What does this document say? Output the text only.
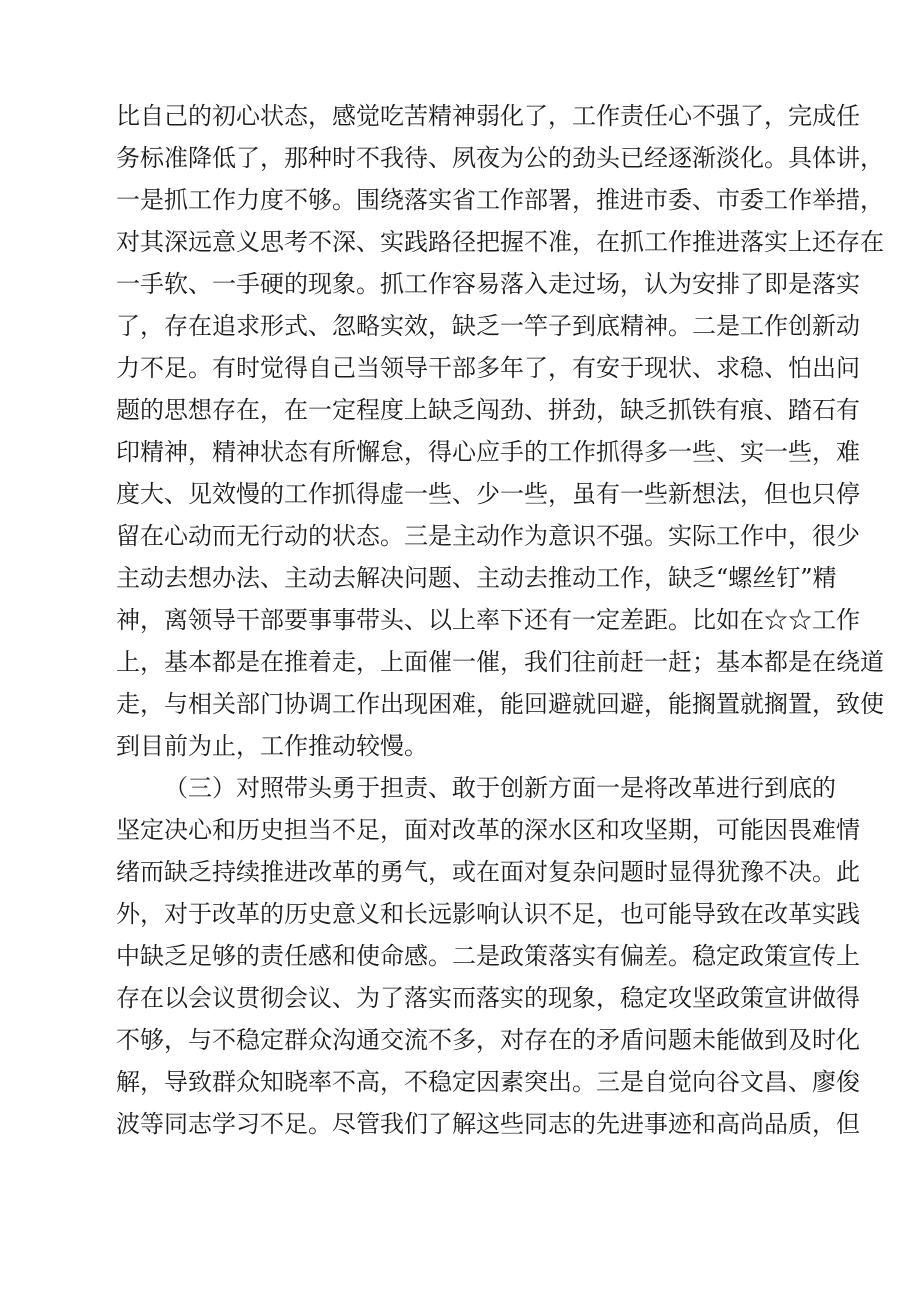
比自己的初心状态，感觉吃苦精神弱化了，工作责任心不强了，完成任
务标准降低了，那种时不我待、夙夜为公的劲头已经逐渐淡化。具体讲，
一是抓工作力度不够。围绕落实省工作部署，推进市委、市委工作举措，
对其深远意义思考不深、实践路径把握不准，在抓工作推进落实上还存在
一手软、一手硬的现象。抓工作容易落入走过场，认为安排了即是落实
了，存在追求形式、忽略实效，缺乏一竿子到底精神。二是工作创新动
力不足。有时觉得自己当领导干部多年了，有安于现状、求稳、怕出问
题的思想存在，在一定程度上缺乏闯劲、拼劲，缺乏抓铁有痕、踏石有
印精神，精神状态有所懈怠，得心应手的工作抓得多一些、实一些，难
度大、见效慢的工作抓得虚一些、少一些，虽有一些新想法，但也只停
留在心动而无行动的状态。三是主动作为意识不强。实际工作中，很少
主动去想办法、主动去解决问题、主动去推动工作，缺乏“螺丝钉”精
神，离领导干部要事事带头、以上率下还有一定差距。比如在☆☆工作
上，基本都是在推着走，上面催一催，我们往前赶一赶；基本都是在绕道
走，与相关部门协调工作出现困难，能回避就回避，能搁置就搁置，致使
到目前为止，工作推动较慢。
（三）对照带头勇于担责、敢于创新方面一是将改革进行到底的
坚定决心和历史担当不足，面对改革的深水区和攻坚期，可能因畏难情
绪而缺乏持续推进改革的勇气，或在面对复杂问题时显得犹豫不决。此
外，对于改革的历史意义和长远影响认识不足，也可能导致在改革实践
中缺乏足够的责任感和使命感。二是政策落实有偏差。稳定政策宣传上
存在以会议贯彻会议、为了落实而落实的现象，稳定攻坚政策宣讲做得
不够，与不稳定群众沟通交流不多，对存在的矛盾问题未能做到及时化
解，导致群众知晓率不高，不稳定因素突出。三是自觉向谷文昌、廖俊
波等同志学习不足。尽管我们了解这些同志的先进事迹和高尚品质，但
